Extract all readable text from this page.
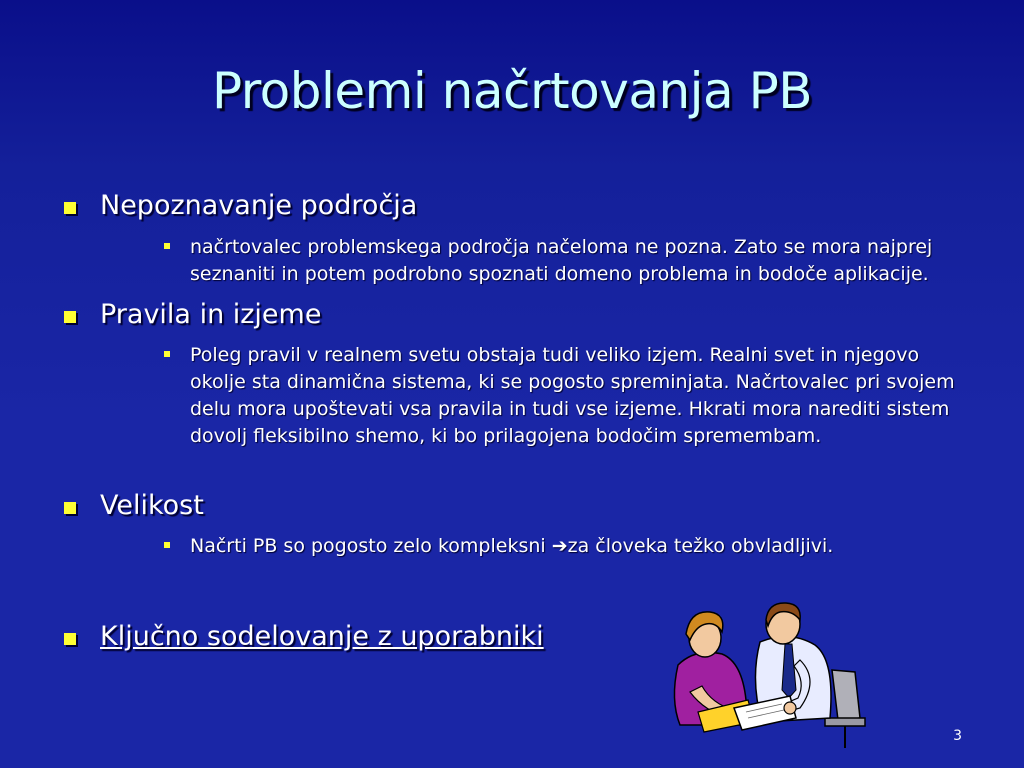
Problemi načrtovanja PB
Nepoznavanje področja
načrtovalec problemskega področja načeloma ne pozna. Zato se mora najprej seznaniti in potem podrobno spoznati domeno problema in bodoče aplikacije.
Pravila in izjeme
Poleg pravil v realnem svetu obstaja tudi veliko izjem. Realni svet in njegovo okolje sta dinamična sistema, ki se pogosto spreminjata. Načrtovalec pri svojem delu mora upoštevati vsa pravila in tudi vse izjeme. Hkrati mora narediti sistem dovolj fleksibilno shemo, ki bo prilagojena bodočim spremembam.
Velikost
Načrti PB so pogosto zelo kompleksni ➔za človeka težko obvladljivi.
Ključno sodelovanje z uporabniki
3
